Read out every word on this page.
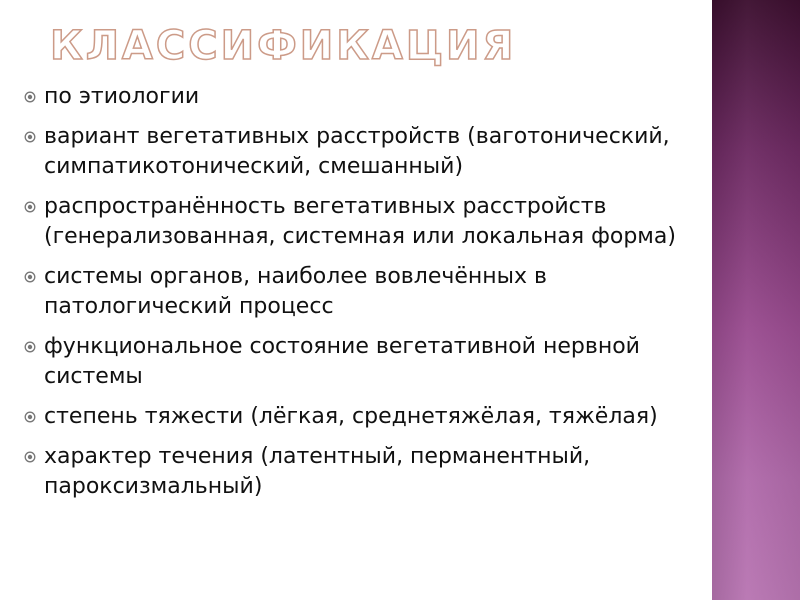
КЛАССИФИКАЦИЯ
по этиологии
вариант вегетативных расстройств (ваготонический, симпатикотонический, смешанный)
распространённость вегетативных расстройств (генерализованная, системная или локальная форма)
системы органов, наиболее вовлечённых в патологический процесс
функциональное состояние вегетативной нервной системы
степень тяжести (лёгкая, среднетяжёлая, тяжёлая)
характер течения (латентный, перманентный, пароксизмальный)
